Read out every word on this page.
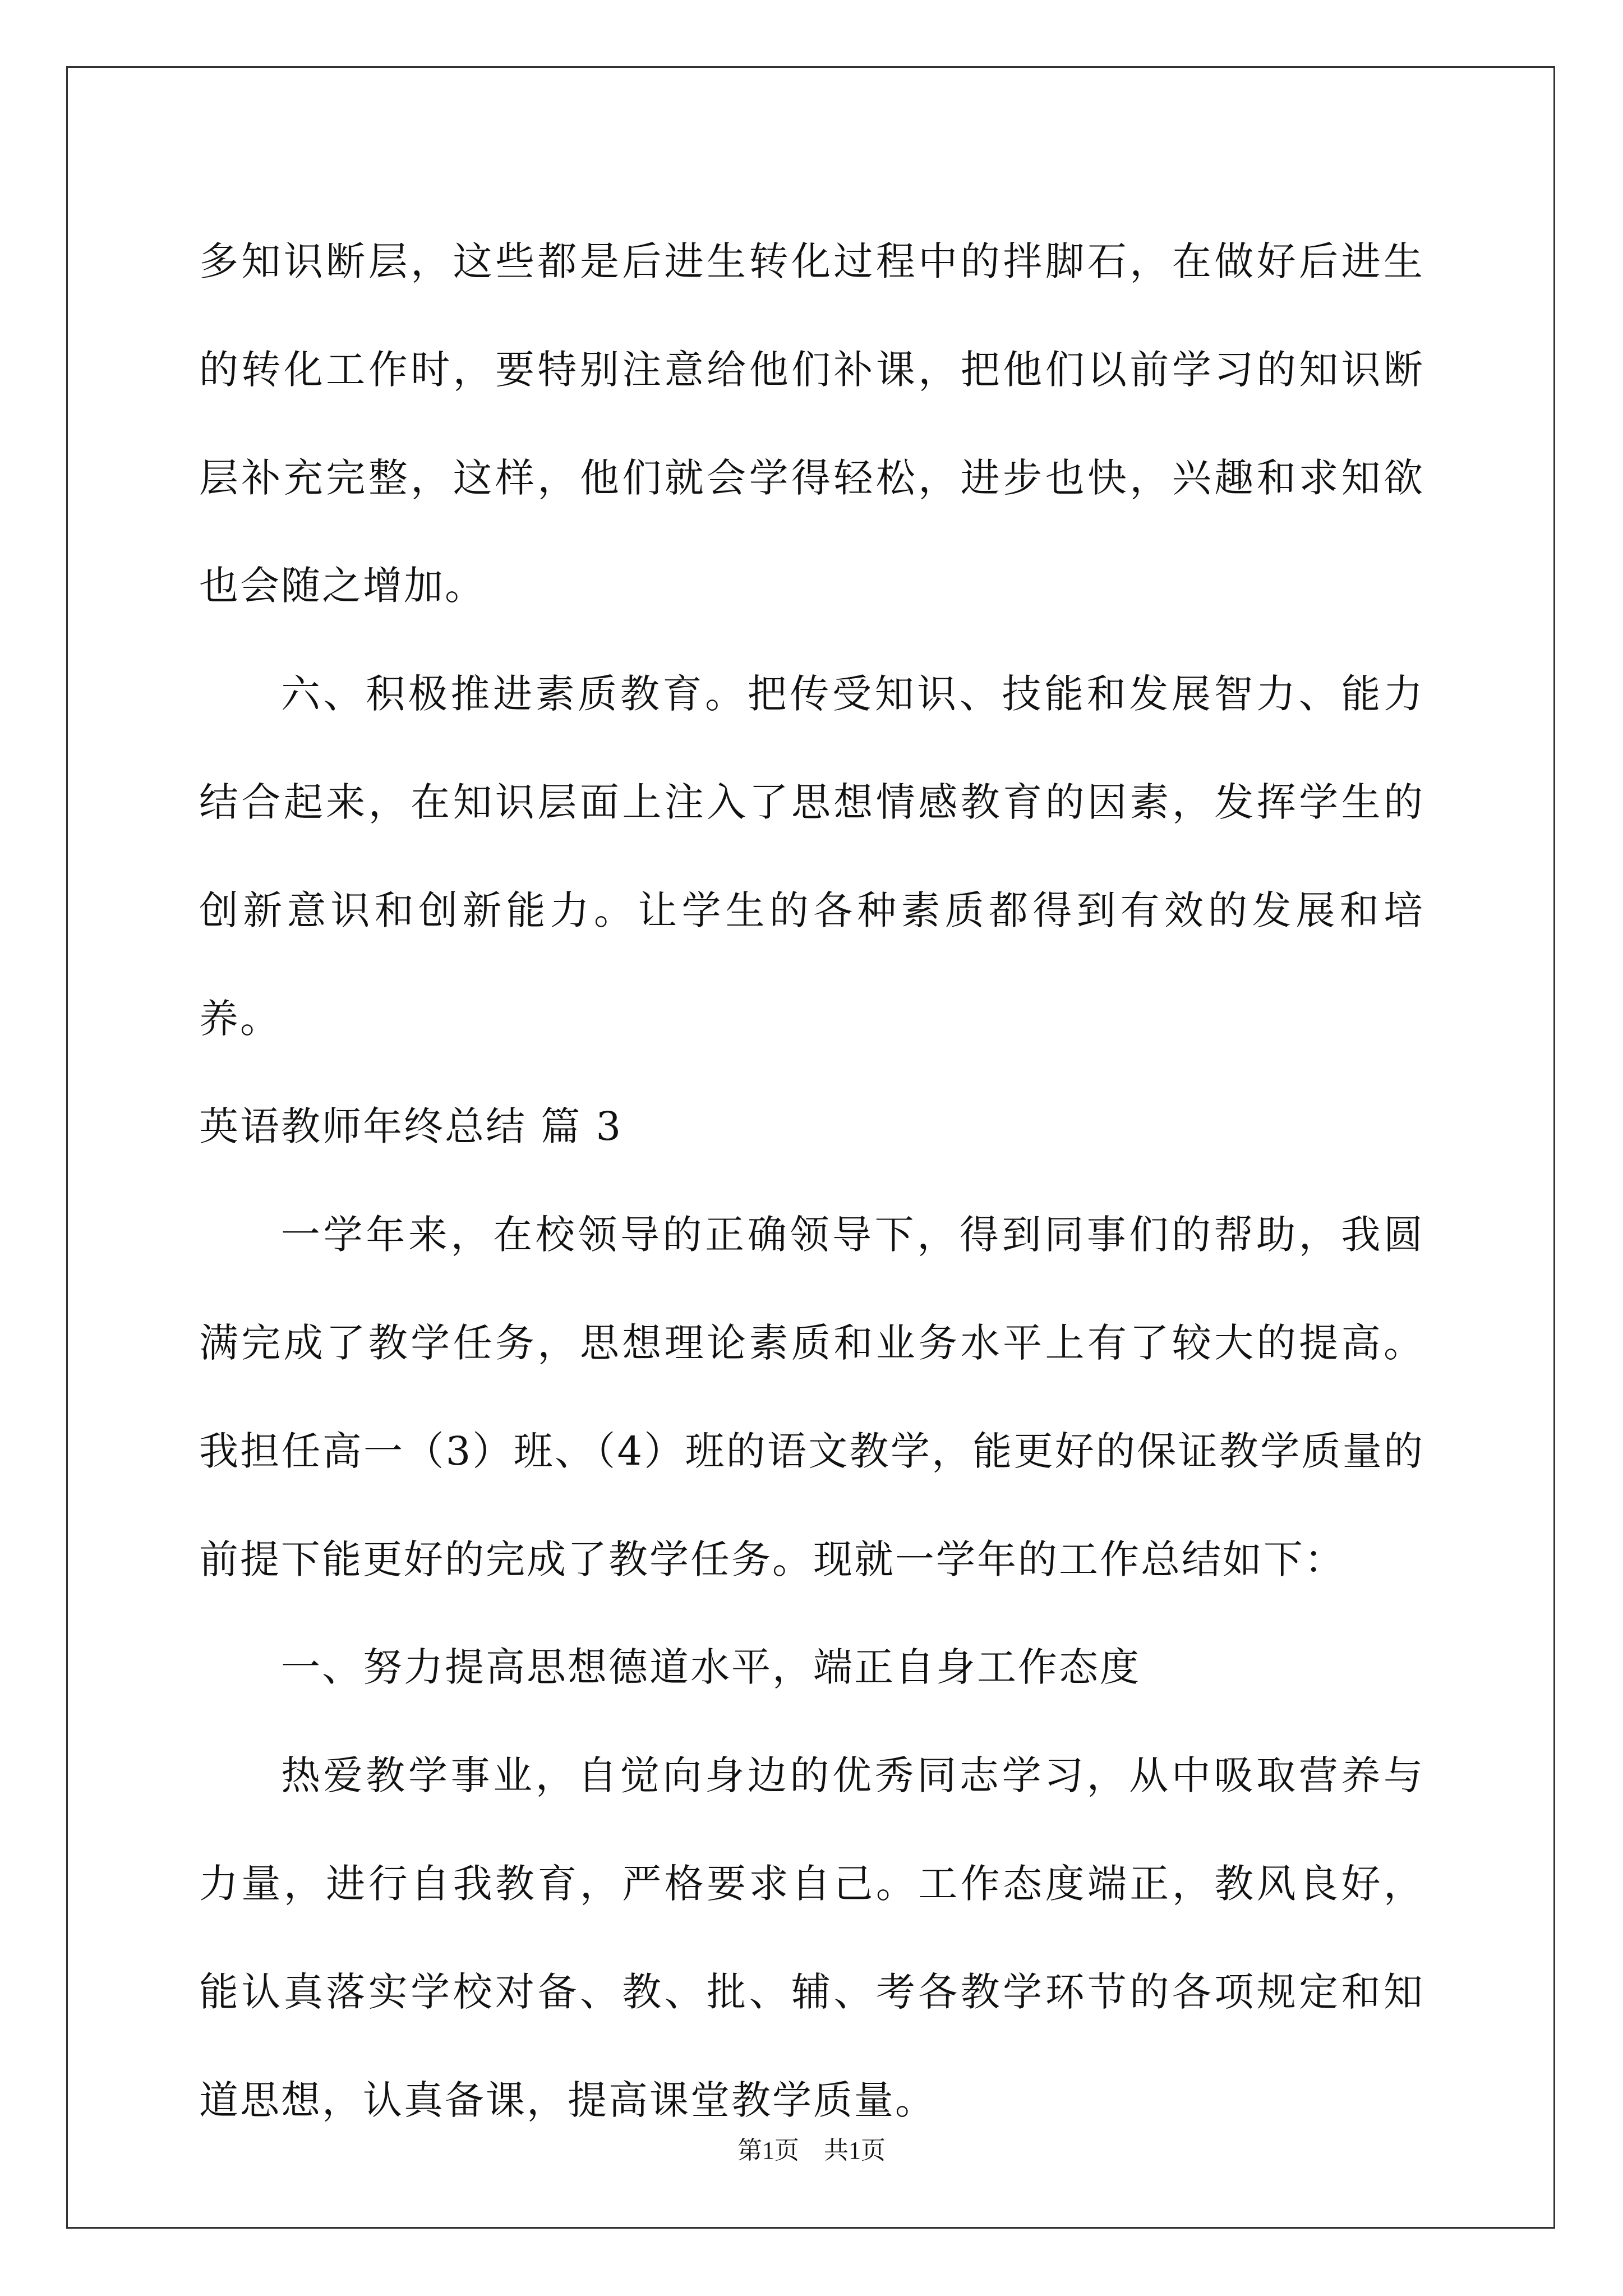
多知识断层，这些都是后进生转化过程中的拌脚石，在做好后进生的转化工作时，要特别注意给他们补课，把他们以前学习的知识断层补充完整，这样，他们就会学得轻松，进步也快，兴趣和求知欲也会随之增加。

六、积极推进素质教育。把传受知识、技能和发展智力、能力结合起来，在知识层面上注入了思想情感教育的因素，发挥学生的创新意识和创新能力。让学生的各种素质都得到有效的发展和培养。

英语教师年终总结 篇 3

一学年来，在校领导的正确领导下，得到同事们的帮助，我圆满完成了教学任务，思想理论素质和业务水平上有了较大的提高。我担任高一（3）班、（4）班的语文教学，能更好的保证教学质量的前提下能更好的完成了教学任务。现就一学年的工作总结如下：

一、努力提高思想德道水平，端正自身工作态度

热爱教学事业，自觉向身边的优秀同志学习，从中吸取营养与力量，进行自我教育，严格要求自己。工作态度端正，教风良好，能认真落实学校对备、教、批、辅、考各教学环节的各项规定和知道思想，认真备课，提高课堂教学质量。

第1页 共1页
